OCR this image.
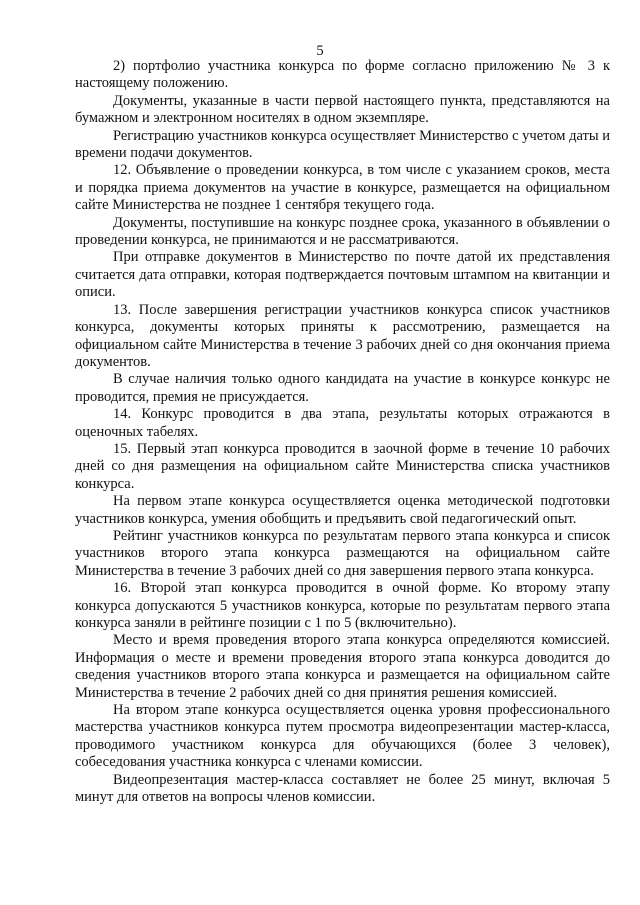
5

2) портфолио участника конкурса по форме согласно приложению № 3 к настоящему положению.

Документы, указанные в части первой настоящего пункта, представляются на бумажном и электронном носителях в одном экземпляре.

Регистрацию участников конкурса осуществляет Министерство с учетом даты и времени подачи документов.

12. Объявление о проведении конкурса, в том числе с указанием сроков, места и порядка приема документов на участие в конкурсе, размещается на официальном сайте Министерства не позднее 1 сентября текущего года.

Документы, поступившие на конкурс позднее срока, указанного в объявлении о проведении конкурса, не принимаются и не рассматриваются.

При отправке документов в Министерство по почте датой их представления считается дата отправки, которая подтверждается почтовым штампом на квитанции и описи.

13. После завершения регистрации участников конкурса список участников конкурса, документы которых приняты к рассмотрению, размещается на официальном сайте Министерства в течение 3 рабочих дней со дня окончания приема документов.

В случае наличия только одного кандидата на участие в конкурсе конкурс не проводится, премия не присуждается.

14. Конкурс проводится в два этапа, результаты которых отражаются в оценочных табелях.

15. Первый этап конкурса проводится в заочной форме в течение 10 рабочих дней со дня размещения на официальном сайте Министерства списка участников конкурса.

На первом этапе конкурса осуществляется оценка методической подготовки участников конкурса, умения обобщить и предъявить свой педагогический опыт.

Рейтинг участников конкурса по результатам первого этапа конкурса и список участников второго этапа конкурса размещаются на официальном сайте Министерства в течение 3 рабочих дней со дня завершения первого этапа конкурса.

16. Второй этап конкурса проводится в очной форме. Ко второму этапу конкурса допускаются 5 участников конкурса, которые по результатам первого этапа конкурса заняли в рейтинге позиции с 1 по 5 (включительно).

Место и время проведения второго этапа конкурса определяются комиссией. Информация о месте и времени проведения второго этапа конкурса доводится до сведения участников второго этапа конкурса и размещается на официальном сайте Министерства в течение 2 рабочих дней со дня принятия решения комиссией.

На втором этапе конкурса осуществляется оценка уровня профессионального мастерства участников конкурса путем просмотра видеопрезентации мастер-класса, проводимого участником конкурса для обучающихся (более 3 человек), собеседования участника конкурса с членами комиссии.

Видеопрезентация мастер-класса составляет не более 25 минут, включая 5 минут для ответов на вопросы членов комиссии.
